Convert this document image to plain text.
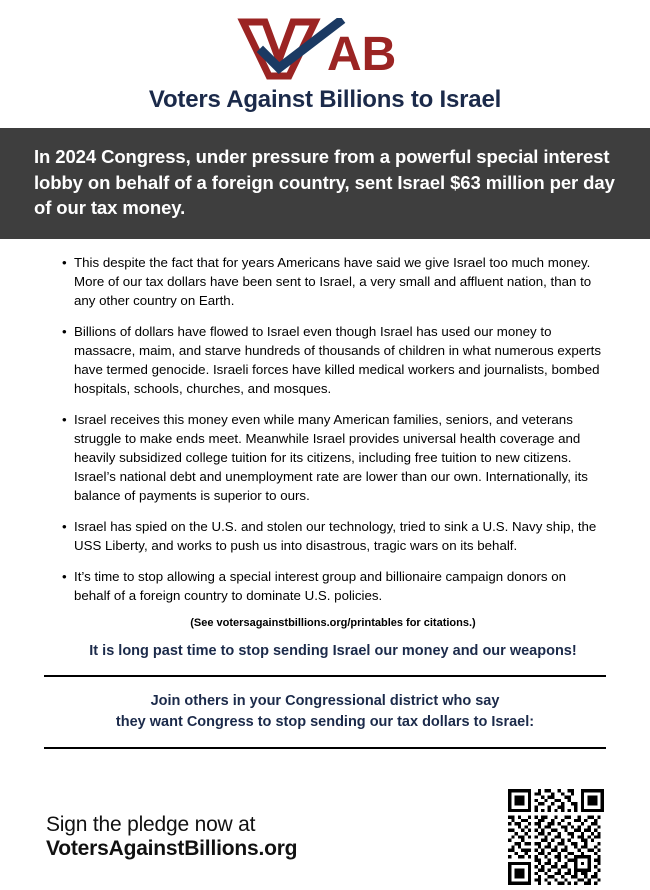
AB
Voters Against Billions to Israel
In 2024 Congress, under pressure from a powerful special interest lobby on behalf of a foreign country, sent Israel $63 million per day of our tax money.
• This despite the fact that for years Americans have said we give Israel too much money. More of our tax dollars have been sent to Israel, a very small and affluent nation, than to any other country on Earth.
• Billions of dollars have flowed to Israel even though Israel has used our money to massacre, maim, and starve hundreds of thousands of children in what numerous experts have termed genocide. Israeli forces have killed medical workers and journalists, bombed hospitals, schools, churches, and mosques.
• Israel receives this money even while many American families, seniors, and veterans struggle to make ends meet. Meanwhile Israel provides universal health coverage and heavily subsidized college tuition for its citizens, including free tuition to new citizens. Israel’s national debt and unemployment rate are lower than our own. Internationally, its balance of payments is superior to ours.
• Israel has spied on the U.S. and stolen our technology, tried to sink a U.S. Navy ship, the USS Liberty, and works to push us into disastrous, tragic wars on its behalf.
• It’s time to stop allowing a special interest group and billionaire campaign donors on behalf of a foreign country to dominate U.S. policies.
(See votersagainstbillions.org/printables for citations.)
It is long past time to stop sending Israel our money and our weapons!
Join others in your Congressional district who say
they want Congress to stop sending our tax dollars to Israel:
Sign the pledge now at VotersAgainstBillions.org
